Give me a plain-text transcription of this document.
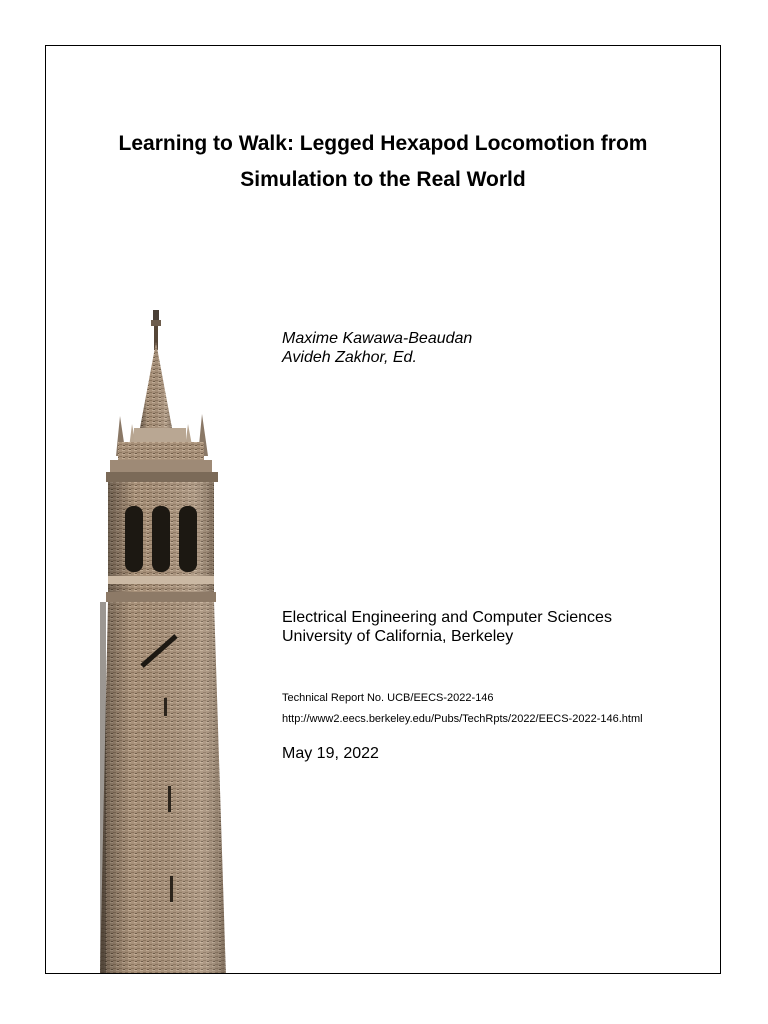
Learning to Walk: Legged Hexapod Locomotion from
Simulation to the Real World
Maxime Kawawa-Beaudan
Avideh Zakhor, Ed.
Electrical Engineering and Computer Sciences
University of California, Berkeley
Technical Report No. UCB/EECS-2022-146
http://www2.eecs.berkeley.edu/Pubs/TechRpts/2022/EECS-2022-146.html
May 19, 2022
